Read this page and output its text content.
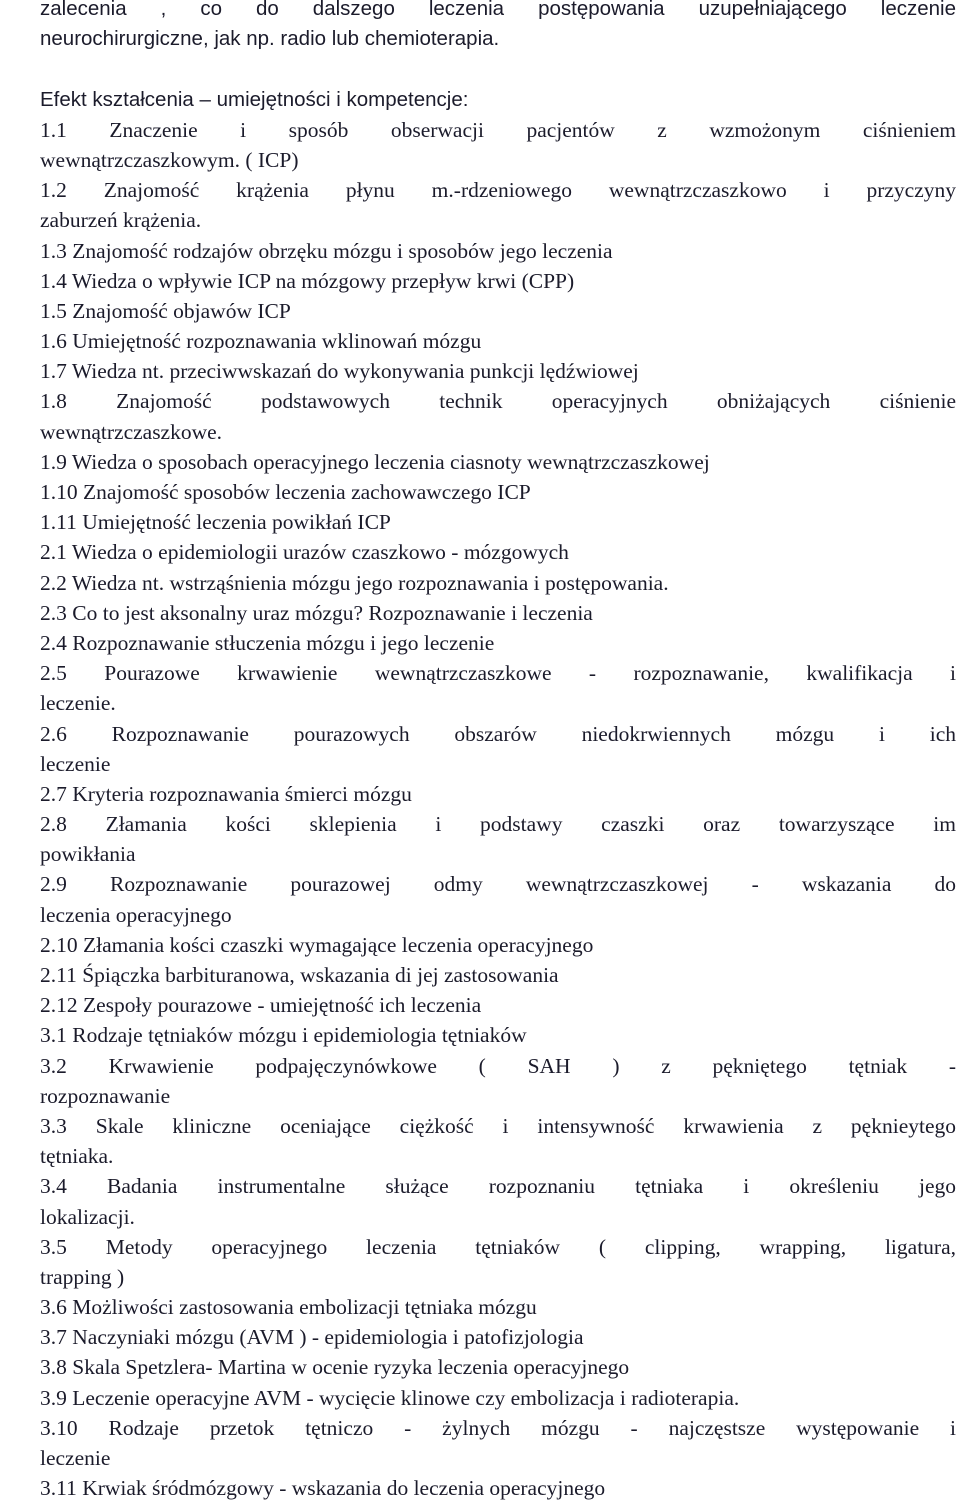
zalecenia , co do dalszego leczenia postępowania uzupełniającego leczenie
neurochirurgiczne, jak np. radio lub chemioterapia.
Efekt kształcenia – umiejętności i kompetencje:
1.1 Znaczenie i sposób obserwacji pacjentów z wzmożonym ciśnieniem
wewnątrzczaszkowym. ( ICP)
1.2 Znajomość krążenia płynu m.-rdzeniowego wewnątrzczaszkowo i przyczyny
zaburzeń krążenia.
1.3 Znajomość rodzajów obrzęku mózgu i sposobów jego leczenia
1.4 Wiedza o wpływie ICP na mózgowy przepływ krwi (CPP)
1.5 Znajomość objawów ICP
1.6 Umiejętność rozpoznawania wklinowań mózgu
1.7 Wiedza nt. przeciwwskazań do wykonywania punkcji lędźwiowej
1.8 Znajomość podstawowych technik operacyjnych obniżających ciśnienie
wewnątrzczaszkowe.
1.9 Wiedza o sposobach operacyjnego leczenia ciasnoty wewnątrzczaszkowej
1.10 Znajomość sposobów leczenia zachowawczego ICP
1.11 Umiejętność leczenia powikłań ICP
2.1 Wiedza o epidemiologii urazów czaszkowo - mózgowych
2.2 Wiedza nt. wstrząśnienia mózgu jego rozpoznawania i postępowania.
2.3 Co to jest aksonalny uraz mózgu? Rozpoznawanie i leczenia
2.4 Rozpoznawanie stłuczenia mózgu i jego leczenie
2.5 Pourazowe krwawienie wewnątrzczaszkowe - rozpoznawanie, kwalifikacja i
leczenie.
2.6 Rozpoznawanie pourazowych obszarów niedokrwiennych mózgu i ich
leczenie
2.7 Kryteria rozpoznawania śmierci mózgu
2.8 Złamania kości sklepienia i podstawy czaszki oraz towarzyszące im
powikłania
2.9 Rozpoznawanie pourazowej odmy wewnątrzczaszkowej - wskazania do
leczenia operacyjnego
2.10 Złamania kości czaszki wymagające leczenia operacyjnego
2.11 Śpiączka barbituranowa, wskazania di jej zastosowania
2.12 Zespoły pourazowe - umiejętność ich leczenia
3.1 Rodzaje tętniaków mózgu i epidemiologia tętniaków
3.2 Krwawienie podpajęczynówkowe ( SAH ) z pękniętego tętniak -
rozpoznawanie
3.3 Skale kliniczne oceniające ciężkość i intensywność krwawienia z pęknieytego
tętniaka.
3.4 Badania instrumentalne służące rozpoznaniu tętniaka i określeniu jego
lokalizacji.
3.5 Metody operacyjnego leczenia tętniaków ( clipping, wrapping, ligatura,
trapping )
3.6 Możliwości zastosowania embolizacji tętniaka mózgu
3.7 Naczyniaki mózgu (AVM ) - epidemiologia i patofizjologia
3.8 Skala Spetzlera- Martina w ocenie ryzyka leczenia operacyjnego
3.9 Leczenie operacyjne AVM - wycięcie klinowe czy embolizacja i radioterapia.
3.10 Rodzaje przetok tętniczo - żylnych mózgu - najczęstsze występowanie i
leczenie
3.11 Krwiak śródmózgowy - wskazania do leczenia operacyjnego
